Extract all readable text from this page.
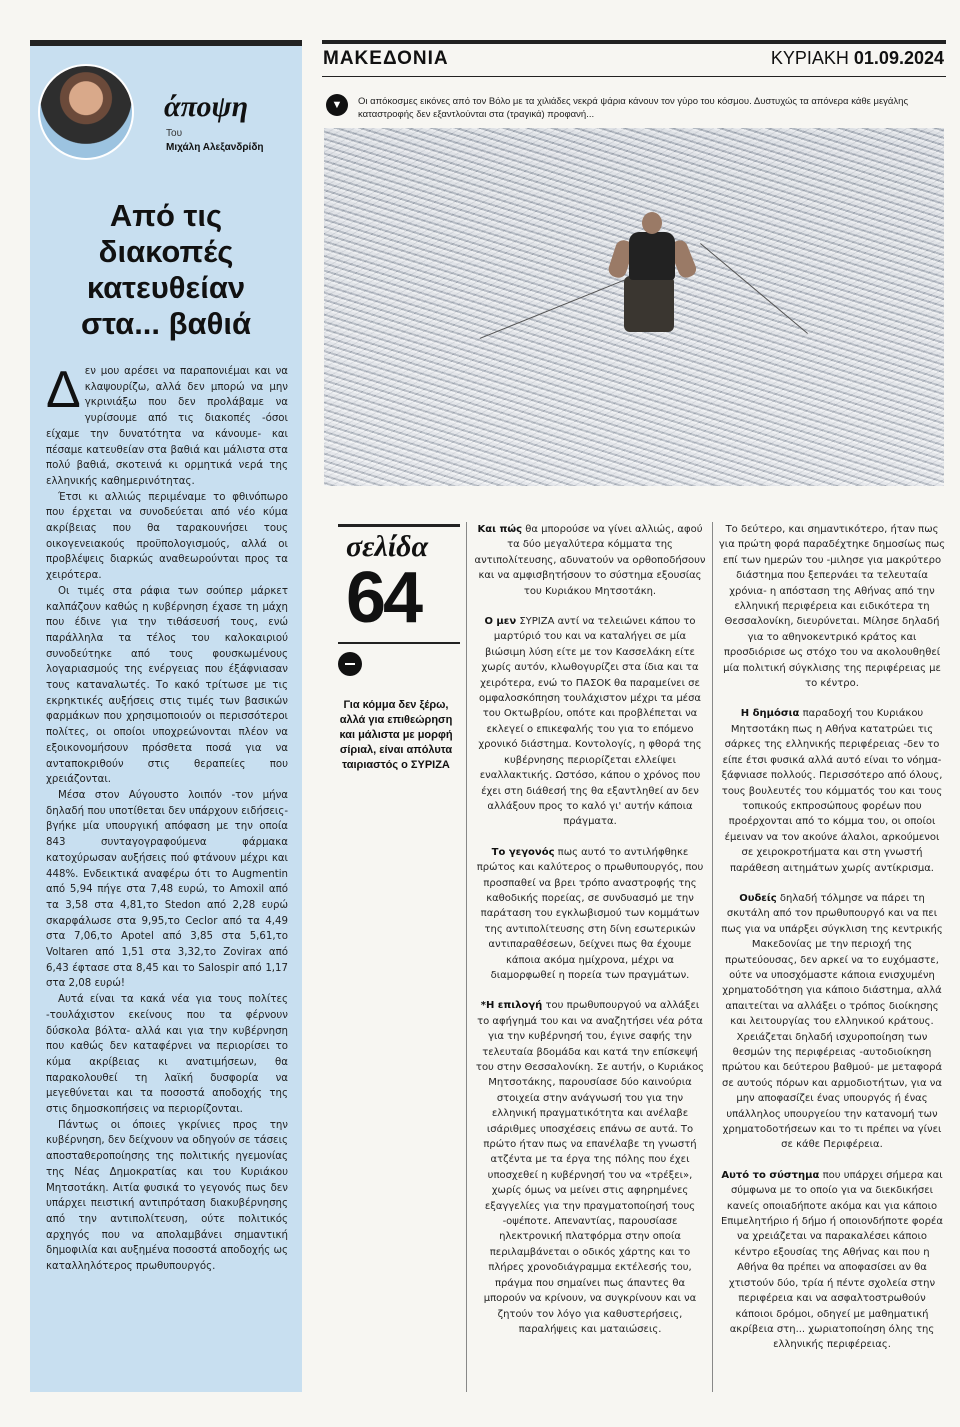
άποψη
Του
Μιχάλη Αλεξανδρίδη
Από τις διακοπές κατευθείαν στα... βαθιά

Δεν μου αρέσει να παραπονιέμαι και να κλαψουρίζω, αλλά δεν μπορώ να μην γκρινιάξω που δεν προλάβαμε να γυρίσουμε από τις διακοπές -όσοι είχαμε την δυνατότητα να κάνουμε- και πέσαμε κατευθείαν στα βαθιά και μάλιστα στα πολύ βαθιά, σκοτεινά κι ορμητικά νερά της ελληνικής καθημερινότητας.

Έτσι κι αλλιώς περιμέναμε το φθινόπωρο που έρχεται να συνοδεύεται από νέο κύμα ακρίβειας που θα ταρακουνήσει τους οικογενειακούς προϋπολογισμούς, αλλά οι προβλέψεις διαρκώς αναθεωρούνται προς τα χειρότερα.

Οι τιμές στα ράφια των σούπερ μάρκετ καλπάζουν καθώς η κυβέρνηση έχασε τη μάχη που έδινε για την τιθάσευσή τους, ενώ παράλληλα τα τέλος του καλοκαιριού συνοδεύτηκε από τους φουσκωμένους λογαριασμούς της ενέργειας που έξάφνιασαν τους καταναλωτές. Το κακό τρίτωσε με τις εκρηκτικές αυξήσεις στις τιμές των βασικών φαρμάκων που χρησιμοποιούν οι περισσότεροι πολίτες, οι οποίοι υποχρεώνονται πλέον να εξοικονομήσουν πρόσθετα ποσά για να ανταποκριθούν στις θεραπείες που χρειάζονται.

Μέσα στον Αύγουστο λοιπόν -τον μήνα δηλαδή που υποτίθεται δεν υπάρχουν ειδήσεις- βγήκε μία υπουργική απόφαση με την οποία 843 συνταγογραφούμενα φάρμακα κατοχύρωσαν αυξήσεις πού φτάνουν μέχρι και 448%. Ενδεικτικά αναφέρω ότι το Augmentin από 5,94 πήγε στα 7,48 ευρώ, το Amoxil από τα 3,58 στα 4,81,το Stedon από 2,28 ευρώ σκαρφάλωσε στα 9,95,το Ceclor από τα 4,49 στα 7,06,το Apotel από 3,85 στα 5,61,το Voltaren από 1,51 στα 3,32,το Zovirax από 6,43 έφτασε στα 8,45 και το Salospir από 1,17 στα 2,08 ευρώ!

Αυτά είναι τα κακά νέα για τους πολίτες -τουλάχιστον εκείνους που τα φέρνουν δύσκολα βόλτα- αλλά και για την κυβέρνηση που καθώς δεν καταφέρνει να περιορίσει το κύμα ακρίβειας κι ανατιμήσεων, θα παρακολουθεί τη λαϊκή δυσφορία να μεγεθύνεται και τα ποσοστά αποδοχής της στις δημοσκοπήσεις να περιορίζονται.

Πάντως οι όποιες γκρίνιες προς την κυβέρνηση, δεν δείχνουν να οδηγούν σε τάσεις αποσταθεροποίησης της πολιτικής ηγεμονίας της Νέας Δημοκρατίας και του Κυριάκου Μητσοτάκη. Αιτία φυσικά το γεγονός πως δεν υπάρχει πειστική αντιπρόταση διακυβέρνησης από την αντιπολίτευση, ούτε πολιτικός αρχηγός που να απολαμβάνει σημαντική δημοφιλία και αυξημένα ποσοστά αποδοχής ως καταλληλότερος πρωθυπουργός.

ΜΑΚΕΔΟΝΙΑ	ΚΥΡΙΑΚΗ 01.09.2024
▼	Οι απόκοσμες εικόνες από τον Βόλο με τα χιλιάδες νεκρά ψάρια κάνουν τον γύρο του κόσμου. Δυστυχώς τα απόνερα κάθε μεγάλης καταστροφής δεν εξαντλούνται στα (τραγικά) προφανή...
σελίδα
64
Για κόμμα δεν ξέρω, αλλά για επιθεώρηση και μάλιστα με μορφή σίριαλ, είναι απόλυτα ταιριαστός ο ΣΥΡΙΖΑ

Και πώς θα μπορούσε να γίνει αλλιώς, αφού τα δύο μεγαλύτερα κόμματα της αντιπολίτευσης, αδυνατούν να ορθοποδήσουν και να αμφισβητήσουν το σύστημα εξουσίας του Κυριάκου Μητσοτάκη.

Ο μεν ΣΥΡΙΖΑ αντί να τελειώνει κάπου το μαρτύριό του και να καταλήγει σε μία βιώσιμη λύση είτε με τον Κασσελάκη είτε χωρίς αυτόν, κλωθογυρίζει στα ίδια και τα χειρότερα, ενώ το ΠΑΣΟΚ θα παραμείνει σε ομφαλοσκόπηση τουλάχιστον μέχρι τα μέσα του Οκτωβρίου, οπότε και προβλέπεται να εκλεγεί ο επικεφαλής του για το επόμενο χρονικό διάστημα. Κοντολογίς, η φθορά της κυβέρνησης περιορίζεται ελλείψει εναλλακτικής. Ωστόσο, κάπου ο χρόνος που έχει στη διάθεσή της θα εξαντληθεί αν δεν αλλάξουν προς το καλό γι' αυτήν κάποια πράγματα.

Το γεγονός πως αυτό το αντιλήφθηκε πρώτος και καλύτερος ο πρωθυπουργός, που προσπαθεί να βρει τρόπο αναστροφής της καθοδικής πορείας, σε συνδυασμό με την παράταση του εγκλωβισμού των κομμάτων της αντιπολίτευσης στη δίνη εσωτερικών αντιπαραθέσεων, δείχνει πως θα έχουμε κάποια ακόμα ημίχρονα, μέχρι να διαμορφωθεί η πορεία των πραγμάτων.

*Η επιλογή του πρωθυπουργού να αλλάξει το αφήγημά του και να αναζητήσει νέα ρότα για την κυβέρνησή του, έγινε σαφής την τελευταία βδομάδα και κατά την επίσκεψή του στην Θεσσαλονίκη. Σε αυτήν, ο Κυριάκος Μητσοτάκης, παρουσίασε δύο καινούρια στοιχεία στην ανάγνωσή του για την ελληνική πραγματικότητα και ανέλαβε ισάριθμες υποσχέσεις επάνω σε αυτά. Το πρώτο ήταν πως να επανέλαβε τη γνωστή ατζέντα με τα έργα της πόλης που έχει υποσχεθεί η κυβέρνησή του να «τρέξει», χωρίς όμως να μείνει στις αφηρημένες εξαγγελίες για την πραγματοποίησή τους -οψέποτε. Απεναντίας, παρουσίασε ηλεκτρονική πλατφόρμα στην οποία περιλαμβάνεται ο οδικός χάρτης και το πλήρες χρονοδιάγραμμα εκτέλεσής του, πράγμα που σημαίνει πως άπαντες θα μπορούν να κρίνουν, να συγκρίνουν και να ζητούν τον λόγο για καθυστερήσεις, παραλήψεις και ματαιώσεις.

Το δεύτερο, και σημαντικότερο, ήταν πως για πρώτη φορά παραδέχτηκε δημοσίως πως επί των ημερών του -μιλησε για μακρύτερο διάστημα που ξεπερνάει τα τελευταία χρόνια- η απόσταση της Αθήνας από την ελληνική περιφέρεια και ειδικότερα τη Θεσσαλονίκη, διευρύνεται. Μίλησε δηλαδή για το αθηνοκεντρικό κράτος και προσδιόρισε ως στόχο του να ακολουθηθεί μία πολιτική σύγκλισης της περιφέρειας με το κέντρο.

Η δημόσια παραδοχή του Κυριάκου Μητσοτάκη πως η Αθήνα κατατρώει τις σάρκες της ελληνικής περιφέρειας -δεν το είπε έτσι φυσικά αλλά αυτό είναι το νόημα- ξάφνιασε πολλούς. Περισσότερο από όλους, τους βουλευτές του κόμματός του και τους τοπικούς εκπροσώπους φορέων που προέρχονται από το κόμμα του, οι οποίοι έμειναν να τον ακούνε άλαλοι, αρκούμενοι σε χειροκροτήματα και στη γνωστή παράθεση αιτημάτων χωρίς αντίκρισμα.

Ουδείς δηλαδή τόλμησε να πάρει τη σκυτάλη από τον πρωθυπουργό και να πει πως για να υπάρξει σύγκλιση της κεντρικής Μακεδονίας με την περιοχή της πρωτεύουσας, δεν αρκεί να το ευχόμαστε, ούτε να υποσχόμαστε κάποια ενισχυμένη χρηματοδότηση για κάποιο διάστημα, αλλά απαιτείται να αλλάξει ο τρόπος διοίκησης και λειτουργίας του ελληνικού κράτους. Χρειάζεται δηλαδή ισχυροποίηση των θεσμών της περιφέρειας -αυτοδιοίκηση πρώτου και δεύτερου βαθμού- με μεταφορά σε αυτούς πόρων και αρμοδιοτήτων, για να μην αποφασίζει ένας υπουργός ή ένας υπάλληλος υπουργείου την κατανομή των χρηματοδοτήσεων και το τι πρέπει να γίνει σε κάθε Περιφέρεια.

Αυτό το σύστημα που υπάρχει σήμερα και σύμφωνα με το οποίο για να διεκδικήσει κανείς οποιαδήποτε ακόμα και για κάποιο Επιμελητήριο ή δήμο ή οποιονδήποτε φορέα να χρειάζεται να παρακαλέσει κάποιο κέντρο εξουσίας της Αθήνας και που η Αθήνα θα πρέπει να αποφασίσει αν θα χτιστούν δύο, τρία ή πέντε σχολεία στην περιφέρεια και να ασφαλτοστρωθούν κάποιοι δρόμοι, οδηγεί με μαθηματική ακρίβεια στη... χωριατοποίηση όλης της ελληνικής περιφέρειας.
